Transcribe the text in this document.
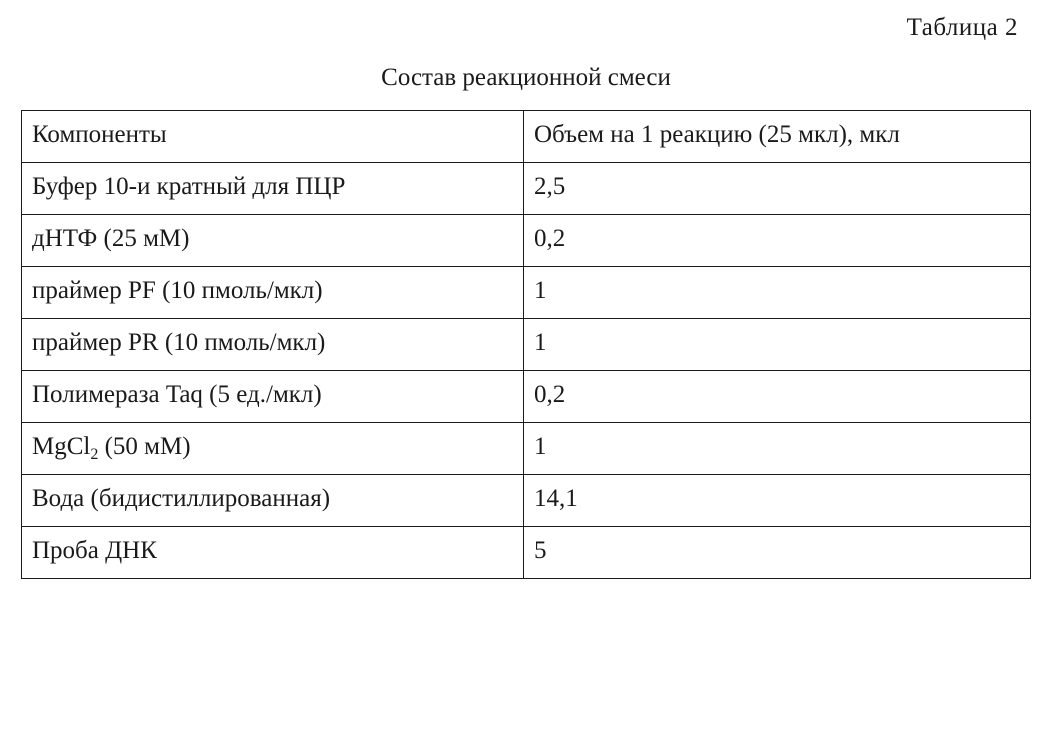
Таблица 2
Состав реакционной смеси
Компоненты	Объем на 1 реакцию (25 мкл), мкл
Буфер 10-и кратный для ПЦР	2,5
дНТФ (25 мМ)	0,2
праймер PF (10 пмоль/мкл)	1
праймер PR (10 пмоль/мкл)	1
Полимераза Taq (5 ед./мкл)	0,2
MgCl$_2$ (50 мМ)	1
Вода (бидистиллированная)	14,1
Проба ДНК	5
